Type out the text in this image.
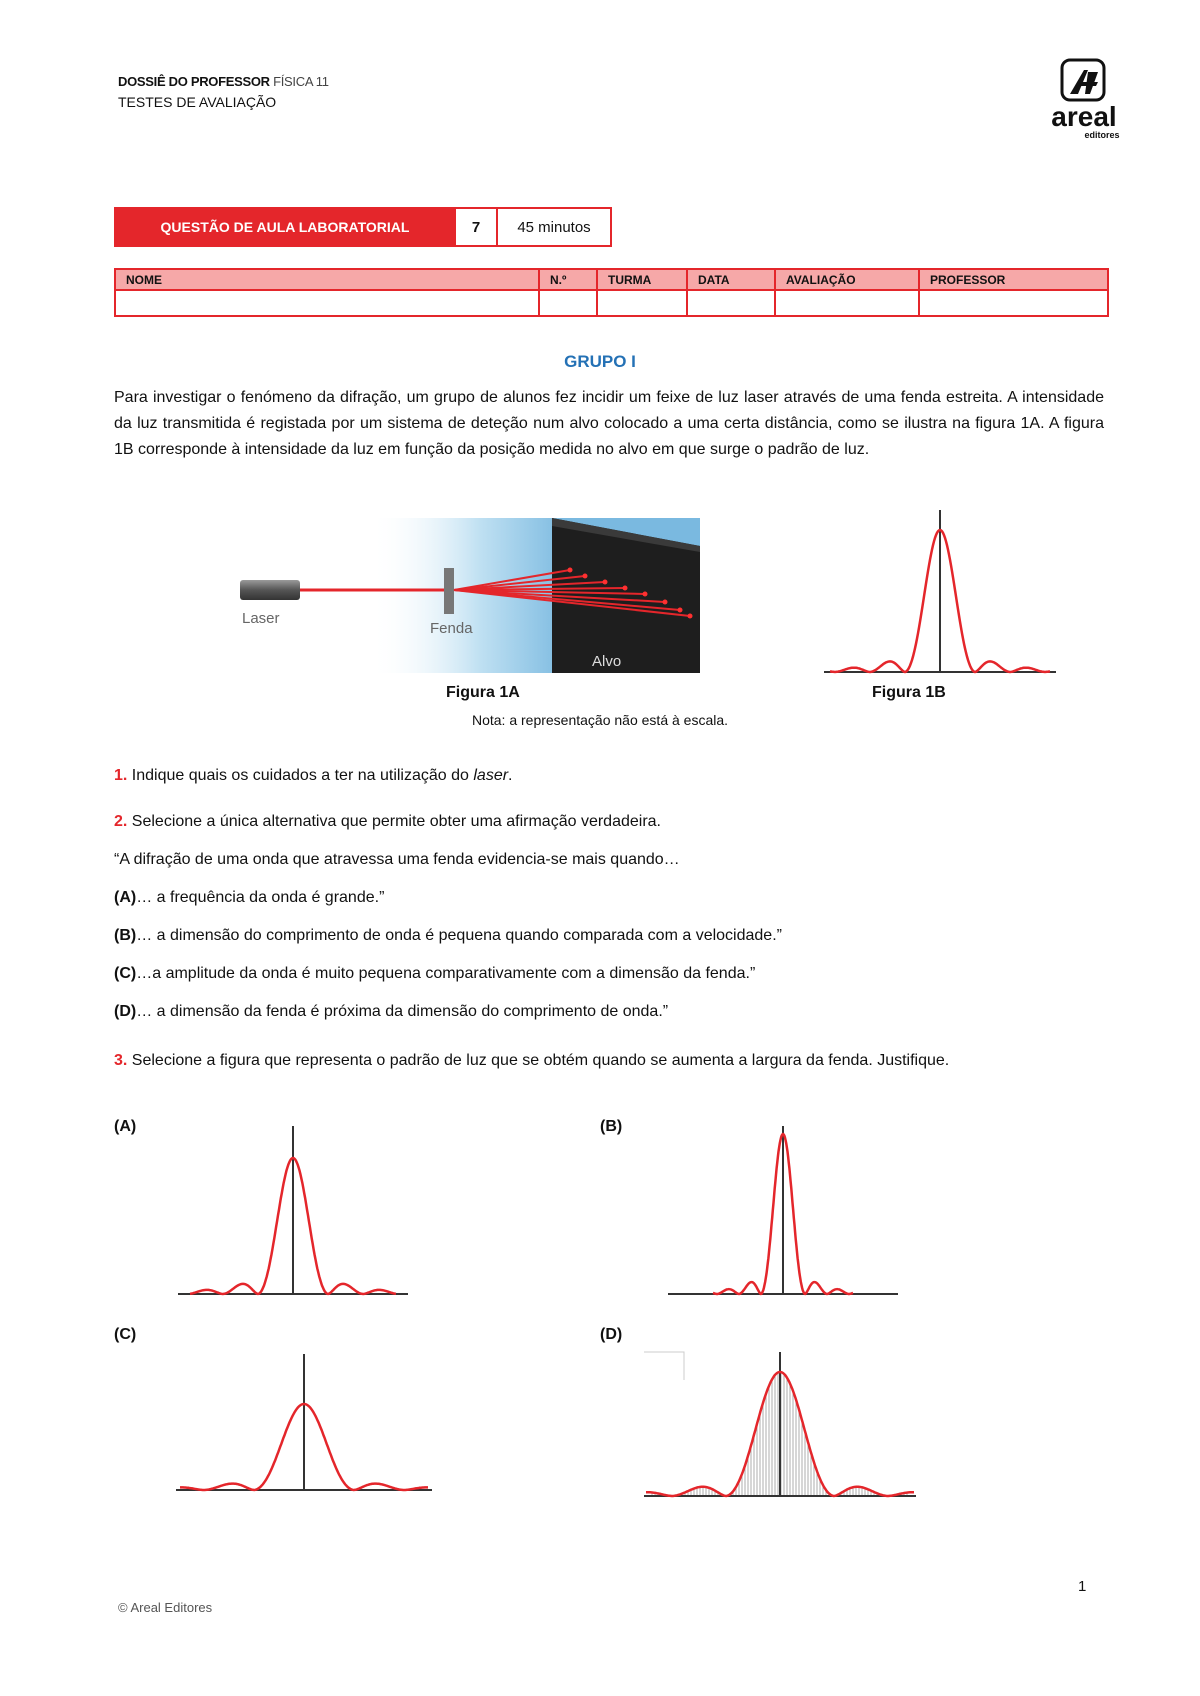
DOSSIÊ DO PROFESSOR FÍSICA 11
TESTES DE AVALIAÇÃO	areal
editores
QUESTÃO DE AULA LABORATORIAL	7	45 minutos
NOME	N.º	TURMA	DATA	AVALIAÇÃO	PROFESSOR

GRUPO I
Para investigar o fenómeno da difração, um grupo de alunos fez incidir um feixe de luz laser através de uma fenda estreita. A intensidade da luz transmitida é registada por um sistema de deteção num alvo colocado a uma certa distância, como se ilustra na figura 1A. A figura 1B corresponde à intensidade da luz em função da posição medida no alvo em que surge o padrão de luz.
Laser
Fenda
Alvo
Figura 1A	Figura 1B
Nota: a representação não está à escala.
1. Indique quais os cuidados a ter na utilização do laser.
2. Selecione a única alternativa que permite obter uma afirmação verdadeira.
“A difração de uma onda que atravessa uma fenda evidencia-se mais quando…
(A)… a frequência da onda é grande.”
(B)… a dimensão do comprimento de onda é pequena quando comparada com a velocidade.”
(C)…a amplitude da onda é muito pequena comparativamente com a dimensão da fenda.”
(D)… a dimensão da fenda é próxima da dimensão do comprimento de onda.”
3. Selecione a figura que representa o padrão de luz que se obtém quando se aumenta a largura da fenda. Justifique.
(A)	(B)
(C)	(D)
© Areal Editores
1
